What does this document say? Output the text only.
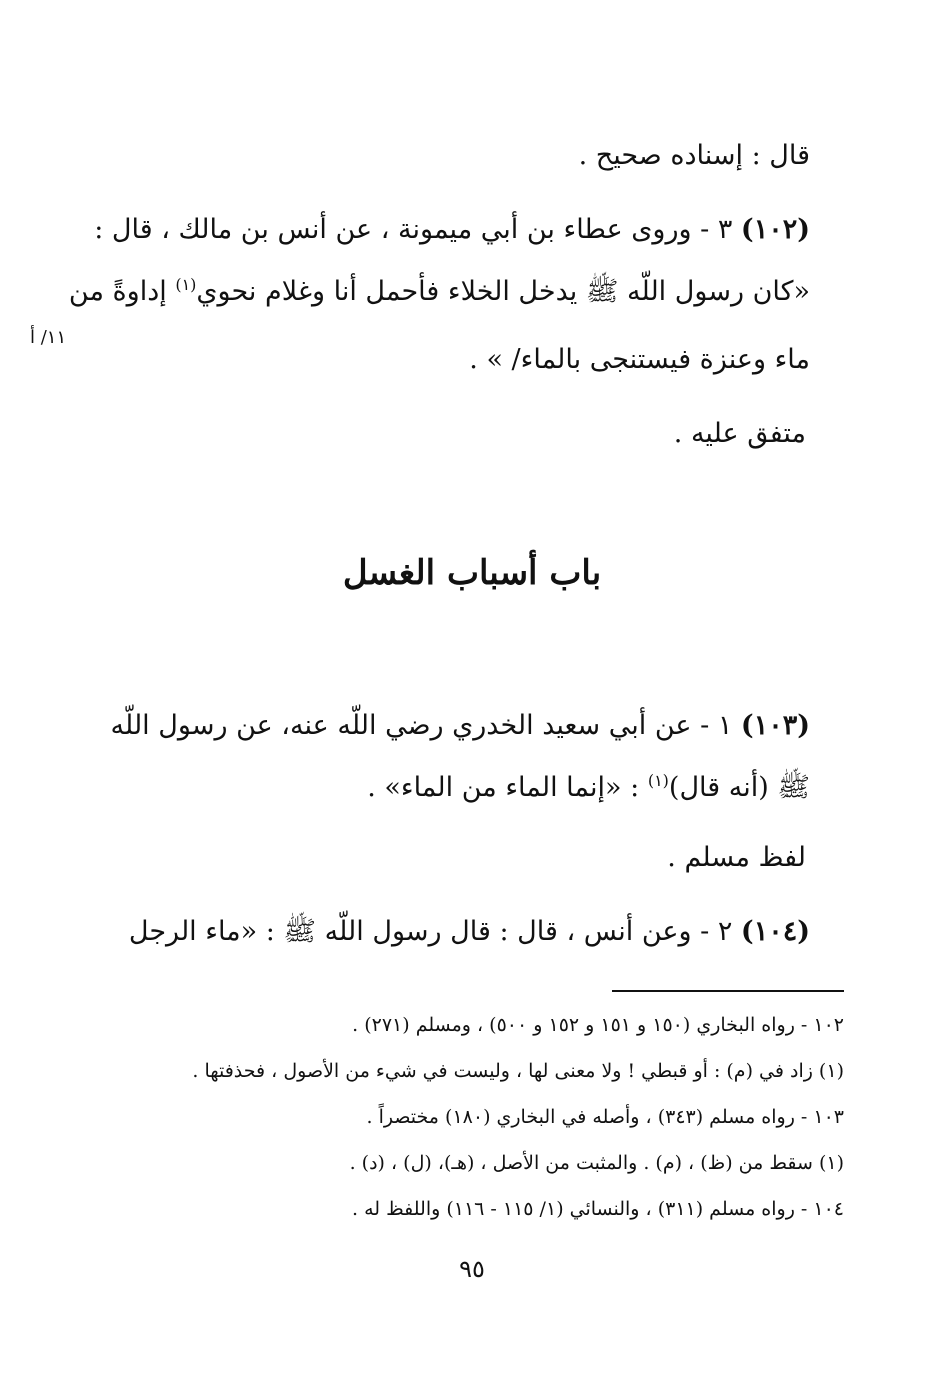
١١/ أ
قال : إسناده صحيح .
(١٠٢) ٣ - وروى عطاء بن أبي ميمونة ، عن أنس بن مالك ، قال :
«كان رسول اللّه ﷺ يدخل الخلاء فأحمل أنا وغلام نحوي$^{(١)}$ إداوةً من
ماء وعنزة فيستنجى بالماء/ » .
متفق عليه .
باب أسباب الغسل
(١٠٣) ١ - عن أبي سعيد الخدري رضي اللّه عنه، عن رسول اللّه
ﷺ (أنه قال)$^{(١)}$ : «إنما الماء من الماء» .
لفظ مسلم .
(١٠٤) ٢ - وعن أنس ، قال : قال رسول اللّه ﷺ : «ماء الرجل
١٠٢ - رواه البخاري (١٥٠ و ١٥١ و ١٥٢ و ٥٠٠) ، ومسلم (٢٧١) .
(١) زاد في (م) : أو قبطي ! ولا معنى لها ، وليست في شيء من الأصول ، فحذفتها .
١٠٣ - رواه مسلم (٣٤٣) ، وأصله في البخاري (١٨٠) مختصراً .
(١) سقط من (ظ) ، (م) . والمثبت من الأصل ، (هـ)، (ل) ، (د) .
١٠٤ - رواه مسلم (٣١١) ، والنسائي (١/ ١١٥ - ١١٦) واللفظ له .
٩٥
